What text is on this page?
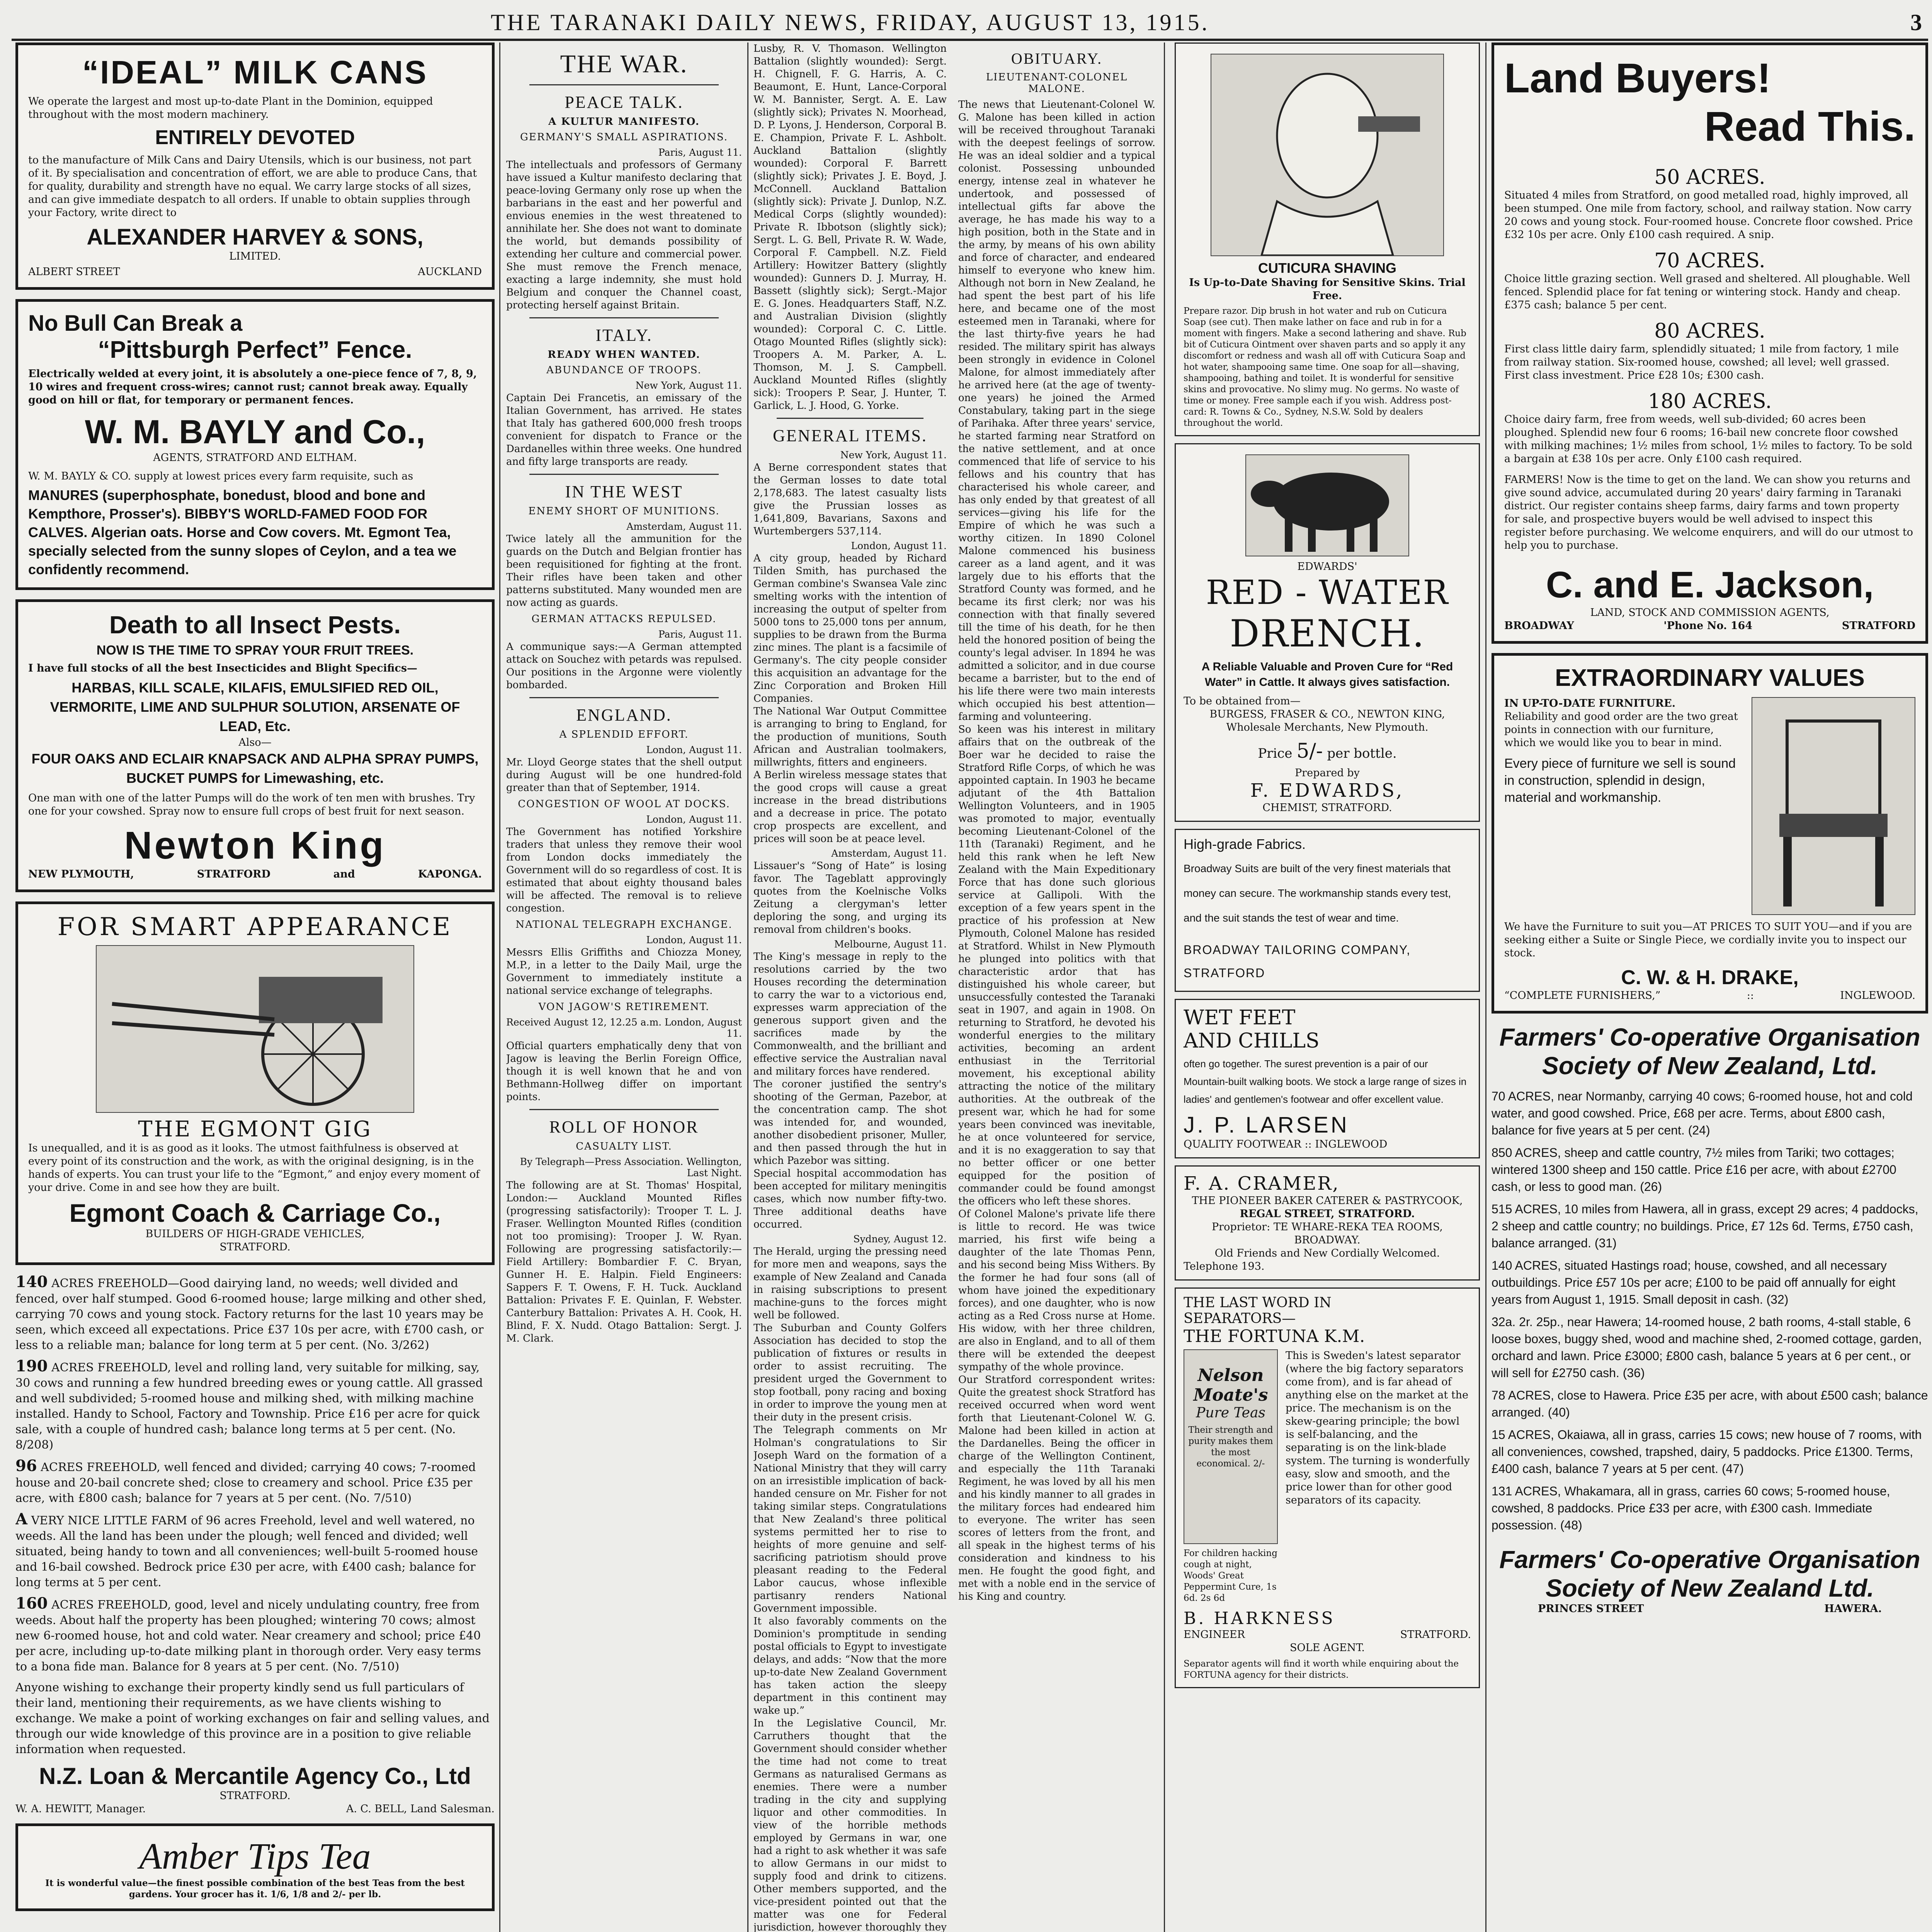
THE TARANAKI DAILY NEWS, FRIDAY, AUGUST 13, 1915.	3
“IDEAL” MILK CANS
We operate the largest and most up-to-date Plant in the Dominion, equipped throughout with the most modern machinery.
ENTIRELY DEVOTED
to the manufacture of Milk Cans and Dairy Utensils, which is our business, not part of it. By specialisation and concentration of effort, we are able to produce Cans, that for quality, durability and strength have no equal. We carry large stocks of all sizes, and can give immediate despatch to all orders. If unable to obtain supplies through your Factory, write direct to
ALEXANDER HARVEY & SONS,
LIMITED.
ALBERT STREET	AUCKLAND
No Bull Can Break a
“Pittsburgh Perfect” Fence.
Electrically welded at every joint, it is absolutely a one-piece fence of 7, 8, 9, 10 wires and frequent cross-wires; cannot rust; cannot break away. Equally good on hill or flat, for temporary or permanent fences.
W. M. BAYLY and Co.,
AGENTS, STRATFORD AND ELTHAM.
W. M. BAYLY & CO. supply at lowest prices every farm requisite, such as
MANURES (superphosphate, bonedust, blood and bone and Kempthore, Prosser's). BIBBY'S WORLD-FAMED FOOD FOR CALVES. Algerian oats. Horse and Cow covers. Mt. Egmont Tea, specially selected from the sunny slopes of Ceylon, and a tea we confidently recommend.
Death to all Insect Pests.
NOW IS THE TIME TO SPRAY YOUR FRUIT TREES.
I have full stocks of all the best Insecticides and Blight Specifics—
HARBAS, KILL SCALE, KILAFIS, EMULSIFIED RED OIL, VERMORITE, LIME AND SULPHUR SOLUTION, ARSENATE OF LEAD, Etc.
Also—
FOUR OAKS AND ECLAIR KNAPSACK AND ALPHA SPRAY PUMPS, BUCKET PUMPS for Limewashing, etc.
One man with one of the latter Pumps will do the work of ten men with brushes. Try one for your cowshed. Spray now to ensure full crops of best fruit for next season.
Newton King
NEW PLYMOUTH,	STRATFORD	and	KAPONGA.
FOR SMART APPEARANCE
THE EGMONT GIG
Is unequalled, and it is as good as it looks. The utmost faithfulness is observed at every point of its construction and the work, as with the original designing, is in the hands of experts. You can trust your life to the “Egmont,” and enjoy every moment of your drive. Come in and see how they are built.
Egmont Coach & Carriage Co.,
BUILDERS OF HIGH-GRADE VEHICLES,
STRATFORD.
140 ACRES FREEHOLD—Good dairying land, no weeds; well divided and fenced, over half stumped. Good 6-roomed house; large milking and other shed, carrying 70 cows and young stock. Factory returns for the last 10 years may be seen, which exceed all expectations. Price £37 10s per acre, with £700 cash, or less to a reliable man; balance for long term at 5 per cent. (No. 3/262)
190 ACRES FREEHOLD, level and rolling land, very suitable for milking, say, 30 cows and running a few hundred breeding ewes or young cattle. All grassed and well subdivided; 5-roomed house and milking shed, with milking machine installed. Handy to School, Factory and Township. Price £16 per acre for quick sale, with a couple of hundred cash; balance long terms at 5 per cent. (No. 8/208)
96 ACRES FREEHOLD, well fenced and divided; carrying 40 cows; 7-roomed house and 20-bail concrete shed; close to creamery and school. Price £35 per acre, with £800 cash; balance for 7 years at 5 per cent. (No. 7/510)
A VERY NICE LITTLE FARM of 96 acres Freehold, level and well watered, no weeds. All the land has been under the plough; well fenced and divided; well situated, being handy to town and all conveniences; well-built 5-roomed house and 16-bail cowshed. Bedrock price £30 per acre, with £400 cash; balance for long terms at 5 per cent.
160 ACRES FREEHOLD, good, level and nicely undulating country, free from weeds. About half the property has been ploughed; wintering 70 cows; almost new 6-roomed house, hot and cold water. Near creamery and school; price £40 per acre, including up-to-date milking plant in thorough order. Very easy terms to a bona fide man. Balance for 8 years at 5 per cent. (No. 7/510)
Anyone wishing to exchange their property kindly send us full particulars of their land, mentioning their requirements, as we have clients wishing to exchange. We make a point of working exchanges on fair and selling values, and through our wide knowledge of this province are in a position to give reliable information when requested.
N.Z. Loan & Mercantile Agency Co., Ltd
STRATFORD.
W. A. HEWITT, Manager.	A. C. BELL, Land Salesman.
Amber Tips Tea
It is wonderful value—the finest possible combination of the best Teas from the best gardens. Your grocer has it. 1/6, 1/8 and 2/- per lb.
THE WAR.
PEACE TALK.
A KULTUR MANIFESTO.
GERMANY'S SMALL ASPIRATIONS.
Paris, August 11.
The intellectuals and professors of Germany have issued a Kultur manifesto declaring that peace-loving Germany only rose up when the barbarians in the east and her powerful and envious enemies in the west threatened to annihilate her. She does not want to dominate the world, but demands possibility of extending her culture and commercial power. She must remove the French menace, exacting a large indemnity, she must hold Belgium and conquer the Channel coast, protecting herself against Britain.
ITALY.
READY WHEN WANTED.
ABUNDANCE OF TROOPS.
New York, August 11.
Captain Dei Francetis, an emissary of the Italian Government, has arrived. He states that Italy has gathered 600,000 fresh troops convenient for dispatch to France or the Dardanelles within three weeks. One hundred and fifty large transports are ready.
IN THE WEST
ENEMY SHORT OF MUNITIONS.
Amsterdam, August 11.
Twice lately all the ammunition for the guards on the Dutch and Belgian frontier has been requisitioned for fighting at the front. Their rifles have been taken and other patterns substituted. Many wounded men are now acting as guards.
GERMAN ATTACKS REPULSED.
Paris, August 11.
A communique says:—A German attempted attack on Souchez with petards was repulsed. Our positions in the Argonne were violently bombarded.
ENGLAND.
A SPLENDID EFFORT.
London, August 11.
Mr. Lloyd George states that the shell output during August will be one hundred-fold greater than that of September, 1914.
CONGESTION OF WOOL AT DOCKS.
London, August 11.
The Government has notified Yorkshire traders that unless they remove their wool from London docks immediately the Government will do so regardless of cost. It is estimated that about eighty thousand bales will be affected. The removal is to relieve congestion.
NATIONAL TELEGRAPH EXCHANGE.
London, August 11.
Messrs Ellis Griffiths and Chiozza Money, M.P., in a letter to the Daily Mail, urge the Government to immediately institute a national service exchange of telegraphs.
VON JAGOW'S RETIREMENT.
Received August 12, 12.25 a.m. London, August 11.
Official quarters emphatically deny that von Jagow is leaving the Berlin Foreign Office, though it is well known that he and von Bethmann-Hollweg differ on important points.
ROLL OF HONOR
CASUALTY LIST.
By Telegraph—Press Association. Wellington, Last Night.
The following are at St. Thomas' Hospital, London:— Auckland Mounted Rifles (progressing satisfactorily): Trooper T. L. J. Fraser. Wellington Mounted Rifles (condition not too promising): Trooper J. W. Ryan. Following are progressing satisfactorily:— Field Artillery: Bombardier F. C. Bryan, Gunner H. E. Halpin. Field Engineers: Sappers F. T. Owens, F. H. Tuck. Auckland Battalion: Privates F. E. Quinlan, F. Webster. Canterbury Battalion: Privates A. H. Cook, H. Blind, F. X. Nudd. Otago Battalion: Sergt. J. M. Clark.
Lusby, R. V. Thomason. Wellington Battalion (slightly wounded): Sergt. H. Chignell, F. G. Harris, A. C. Beaumont, E. Hunt, Lance-Corporal W. M. Bannister, Sergt. A. E. Law (slightly sick); Privates N. Moorhead, D. P. Lyons, J. Henderson, Corporal B. E. Champion, Private F. L. Ashbolt. Auckland Battalion (slightly wounded): Corporal F. Barrett (slightly sick); Privates J. E. Boyd, J. McConnell. Auckland Battalion (slightly sick): Private J. Dunlop, N.Z. Medical Corps (slightly wounded): Private R. Ibbotson (slightly sick); Sergt. L. G. Bell, Private R. W. Wade, Corporal F. Campbell. N.Z. Field Artillery: Howitzer Battery (slightly wounded): Gunners D. J. Murray, H. Bassett (slightly sick); Sergt.-Major E. G. Jones. Headquarters Staff, N.Z. and Australian Division (slightly wounded): Corporal C. C. Little. Otago Mounted Rifles (slightly sick): Troopers A. M. Parker, A. L. Thomson, M. J. S. Campbell. Auckland Mounted Rifles (slightly sick): Troopers P. Sear, J. Hunter, T. Garlick, L. J. Hood, G. Yorke.
GENERAL ITEMS.
New York, August 11.
A Berne correspondent states that the German losses to date total 2,178,683. The latest casualty lists give the Prussian losses as 1,641,809, Bavarians, Saxons and Wurtembergers 537,114.
London, August 11.
A city group, headed by Richard Tilden Smith, has purchased the German combine's Swansea Vale zinc smelting works with the intention of increasing the output of spelter from 5000 tons to 25,000 tons per annum, supplies to be drawn from the Burma zinc mines. The plant is a facsimile of Germany's. The city people consider this acquisition an advantage for the Zinc Corporation and Broken Hill Companies.
The National War Output Committee is arranging to bring to England, for the production of munitions, South African and Australian toolmakers, millwrights, fitters and engineers.
A Berlin wireless message states that the good crops will cause a great increase in the bread distributions and a decrease in price. The potato crop prospects are excellent, and prices will soon be at peace level.
Amsterdam, August 11.
Lissauer's “Song of Hate” is losing favor. The Tageblatt approvingly quotes from the Koelnische Volks Zeitung a clergyman's letter deploring the song, and urging its removal from children's books.
Melbourne, August 11.
The King's message in reply to the resolutions carried by the two Houses recording the determination to carry the war to a victorious end, expresses warm appreciation of the generous support given and the sacrifices made by the Commonwealth, and the brilliant and effective service the Australian naval and military forces have rendered.
The coroner justified the sentry's shooting of the German, Pazebor, at the concentration camp. The shot was intended for, and wounded, another disobedient prisoner, Muller, and then passed through the hut in which Pazebor was sitting.
Special hospital accommodation has been accepted for military meningitis cases, which now number fifty-two. Three additional deaths have occurred.
Sydney, August 12.
The Herald, urging the pressing need for more men and weapons, says the example of New Zealand and Canada in raising subscriptions to present machine-guns to the forces might well be followed.
The Suburban and County Golfers Association has decided to stop the publication of fixtures or results in order to assist recruiting. The president urged the Government to stop football, pony racing and boxing in order to improve the young men at their duty in the present crisis.
The Telegraph comments on Mr Holman's congratulations to Sir Joseph Ward on the formation of a National Ministry that they will carry on an irresistible implication of back-handed censure on Mr. Fisher for not taking similar steps. Congratulations that New Zealand's three political systems permitted her to rise to heights of more genuine and self-sacrificing patriotism should prove pleasant reading to the Federal Labor caucus, whose inflexible partisanry renders National Government impossible.
It also favorably comments on the Dominion's promptitude in sending postal officials to Egypt to investigate delays, and adds: “Now that the more up-to-date New Zealand Government has taken action the sleepy department in this continent may wake up.”
In the Legislative Council, Mr. Carruthers thought that the Government should consider whether the time had not come to treat Germans as naturalised Germans as enemies. There were a number trading in the city and supplying liquor and other commodities. In view of the horrible methods employed by Germans in war, one had a right to ask whether it was safe to allow Germans in our midst to supply food and drink to citizens. Other members supported, and the vice-president pointed out that the matter was one for Federal jurisdiction, however thoroughly they
OBITUARY.
LIEUTENANT-COLONEL MALONE.
The news that Lieutenant-Colonel W. G. Malone has been killed in action will be received throughout Taranaki with the deepest feelings of sorrow. He was an ideal soldier and a typical colonist. Possessing unbounded energy, intense zeal in whatever he undertook, and possessed of intellectual gifts far above the average, he has made his way to a high position, both in the State and in the army, by means of his own ability and force of character, and endeared himself to everyone who knew him. Although not born in New Zealand, he had spent the best part of his life here, and became one of the most esteemed men in Taranaki, where for the last thirty-five years he had resided. The military spirit has always been strongly in evidence in Colonel Malone, for almost immediately after he arrived here (at the age of twenty-one years) he joined the Armed Constabulary, taking part in the siege of Parihaka. After three years' service, he started farming near Stratford on the native settlement, and at once commenced that life of service to his fellows and his country that has characterised his whole career, and has only ended by that greatest of all services—giving his life for the Empire of which he was such a worthy citizen. In 1890 Colonel Malone commenced his business career as a land agent, and it was largely due to his efforts that the Stratford County was formed, and he became its first clerk; nor was his connection with that finally severed till the time of his death, for he then held the honored position of being the county's legal adviser. In 1894 he was admitted a solicitor, and in due course became a barrister, but to the end of his life there were two main interests which occupied his best attention—farming and volunteering.
So keen was his interest in military affairs that on the outbreak of the Boer war he decided to raise the Stratford Rifle Corps, of which he was appointed captain. In 1903 he became adjutant of the 4th Battalion Wellington Volunteers, and in 1905 was promoted to major, eventually becoming Lieutenant-Colonel of the 11th (Taranaki) Regiment, and he held this rank when he left New Zealand with the Main Expeditionary Force that has done such glorious service at Gallipoli. With the exception of a few years spent in the practice of his profession at New Plymouth, Colonel Malone has resided at Stratford. Whilst in New Plymouth he plunged into politics with that characteristic ardor that has distinguished his whole career, but unsuccessfully contested the Taranaki seat in 1907, and again in 1908. On returning to Stratford, he devoted his wonderful energies to the military activities, becoming an ardent enthusiast in the Territorial movement, his exceptional ability attracting the notice of the military authorities. At the outbreak of the present war, which he had for some years been convinced was inevitable, he at once volunteered for service, and it is no exaggeration to say that no better officer or one better equipped for the position of commander could be found amongst the officers who left these shores.
Of Colonel Malone's private life there is little to record. He was twice married, his first wife being a daughter of the late Thomas Penn, and his second being Miss Withers. By the former he had four sons (all of whom have joined the expeditionary forces), and one daughter, who is now acting as a Red Cross nurse at Home. His widow, with her three children, are also in England, and to all of them there will be extended the deepest sympathy of the whole province.
Our Stratford correspondent writes: Quite the greatest shock Stratford has received occurred when word went forth that Lieutenant-Colonel W. G. Malone had been killed in action at the Dardanelles. Being the officer in charge of the Wellington Continent, and especially the 11th Taranaki Regiment, he was loved by all his men and his kindly manner to all grades in the military forces had endeared him to everyone. The writer has seen scores of letters from the front, and all speak in the highest terms of his consideration and kindness to his men. He fought the good fight, and met with a noble end in the service of his King and country.
CUTICURA SHAVING
Is Up-to-Date Shaving for Sensitive Skins. Trial Free.
Prepare razor. Dip brush in hot water and rub on Cuticura Soap (see cut). Then make lather on face and rub in for a moment with fingers. Make a second lathering and shave. Rub bit of Cuticura Ointment over shaven parts and so apply it any discomfort or redness and wash all off with Cuticura Soap and hot water, shampooing same time. One soap for all—shaving, shampooing, bathing and toilet. It is wonderful for sensitive skins and provocative. No slimy mug. No germs. No waste of time or money. Free sample each if you wish. Address post-card: R. Towns & Co., Sydney, N.S.W. Sold by dealers throughout the world.
EDWARDS'
RED - WATER
DRENCH.
A Reliable Valuable and Proven Cure for “Red Water” in Cattle. It always gives satisfaction.
To be obtained from—
BURGESS, FRASER & CO., NEWTON KING, Wholesale Merchants, New Plymouth.
Price 5/- per bottle.
Prepared by
F. EDWARDS,
CHEMIST, STRATFORD.
High-grade Fabrics.
Broadway Suits are built of the very finest materials that money can secure. The workmanship stands every test, and the suit stands the test of wear and time.
BROADWAY TAILORING COMPANY, STRATFORD
WET FEET
AND CHILLS
often go together. The surest prevention is a pair of our Mountain-built walking boots. We stock a large range of sizes in ladies' and gentlemen's footwear and offer excellent value.
J. P. LARSEN
QUALITY FOOTWEAR :: INGLEWOOD
F. A. CRAMER,
THE PIONEER BAKER CATERER & PASTRYCOOK,
REGAL STREET, STRATFORD.
Proprietor: TE WHARE-REKA TEA ROOMS, BROADWAY.
Old Friends and New Cordially Welcomed.
Telephone 193.
THE LAST WORD IN
SEPARATORS—
THE FORTUNA K.M.
Nelson Moate's
Pure Teas
Their strength and purity makes them the most economical. 2/-
For children hacking cough at night, Woods' Great Peppermint Cure, 1s 6d. 2s 6d
This is Sweden's latest separator (where the big factory separators come from), and is far ahead of anything else on the market at the price. The mechanism is on the skew-gearing principle; the bowl is self-balancing, and the separating is on the link-blade system. The turning is wonderfully easy, slow and smooth, and the price lower than for other good separators of its capacity.
B. HARKNESS
ENGINEER	STRATFORD.
SOLE AGENT.
Separator agents will find it worth while enquiring about the FORTUNA agency for their districts.
Land Buyers!
Read This.
50 ACRES.
Situated 4 miles from Stratford, on good metalled road, highly improved, all been stumped. One mile from factory, school, and railway station. Now carry 20 cows and young stock. Four-roomed house. Concrete floor cowshed. Price £32 10s per acre. Only £100 cash required. A snip.
70 ACRES.
Choice little grazing section. Well grased and sheltered. All ploughable. Well fenced. Splendid place for fat tening or wintering stock. Handy and cheap. £375 cash; balance 5 per cent.
80 ACRES.
First class little dairy farm, splendidly situated; 1 mile from factory, 1 mile from railway station. Six-roomed house, cowshed; all level; well grassed. First class investment. Price £28 10s; £300 cash.
180 ACRES.
Choice dairy farm, free from weeds, well sub-divided; 60 acres been ploughed. Splendid new four 6 rooms; 16-bail new concrete floor cowshed with milking machines; 1½ miles from school, 1½ miles to factory. To be sold a bargain at £38 10s per acre. Only £100 cash required.
FARMERS! Now is the time to get on the land. We can show you returns and give sound advice, accumulated during 20 years' dairy farming in Taranaki district. Our register contains sheep farms, dairy farms and town property for sale, and prospective buyers would be well advised to inspect this register before purchasing. We welcome enquirers, and will do our utmost to help you to purchase.
C. and E. Jackson,
LAND, STOCK AND COMMISSION AGENTS,
BROADWAY	'Phone No. 164	STRATFORD
EXTRAORDINARY VALUES
IN UP-TO-DATE FURNITURE.
Reliability and good order are the two great points in connection with our furniture, which we would like you to bear in mind.
Every piece of furniture we sell is sound in construction, splendid in design, material and workmanship.
We have the Furniture to suit you—AT PRICES TO SUIT YOU—and if you are seeking either a Suite or Single Piece, we cordially invite you to inspect our stock.
C. W. & H. DRAKE,
“COMPLETE FURNISHERS,”	::	INGLEWOOD.
Farmers' Co-operative Organisation
Society of New Zealand, Ltd.
70 ACRES, near Normanby, carrying 40 cows; 6-roomed house, hot and cold water, and good cowshed. Price, £68 per acre. Terms, about £800 cash, balance for five years at 5 per cent. (24)
850 ACRES, sheep and cattle country, 7½ miles from Tariki; two cottages; wintered 1300 sheep and 150 cattle. Price £16 per acre, with about £2700 cash, or less to good man. (26)
515 ACRES, 10 miles from Hawera, all in grass, except 29 acres; 4 paddocks, 2 sheep and cattle country; no buildings. Price, £7 12s 6d. Terms, £750 cash, balance arranged. (31)
140 ACRES, situated Hastings road; house, cowshed, and all necessary outbuildings. Price £57 10s per acre; £100 to be paid off annually for eight years from August 1, 1915. Small deposit in cash. (32)
32a. 2r. 25p., near Hawera; 14-roomed house, 2 bath rooms, 4-stall stable, 6 loose boxes, buggy shed, wood and machine shed, 2-roomed cottage, garden, orchard and lawn. Price £3000; £800 cash, balance 5 years at 6 per cent., or will sell for £2750 cash. (36)
78 ACRES, close to Hawera. Price £35 per acre, with about £500 cash; balance arranged. (40)
15 ACRES, Okaiawa, all in grass, carries 15 cows; new house of 7 rooms, with all conveniences, cowshed, trapshed, dairy, 5 paddocks. Price £1300. Terms, £400 cash, balance 7 years at 5 per cent. (47)
131 ACRES, Whakamara, all in grass, carries 60 cows; 5-roomed house, cowshed, 8 paddocks. Price £33 per acre, with £300 cash. Immediate possession. (48)
Farmers' Co-operative Organisation
Society of New Zealand Ltd.
PRINCES STREET	HAWERA.
